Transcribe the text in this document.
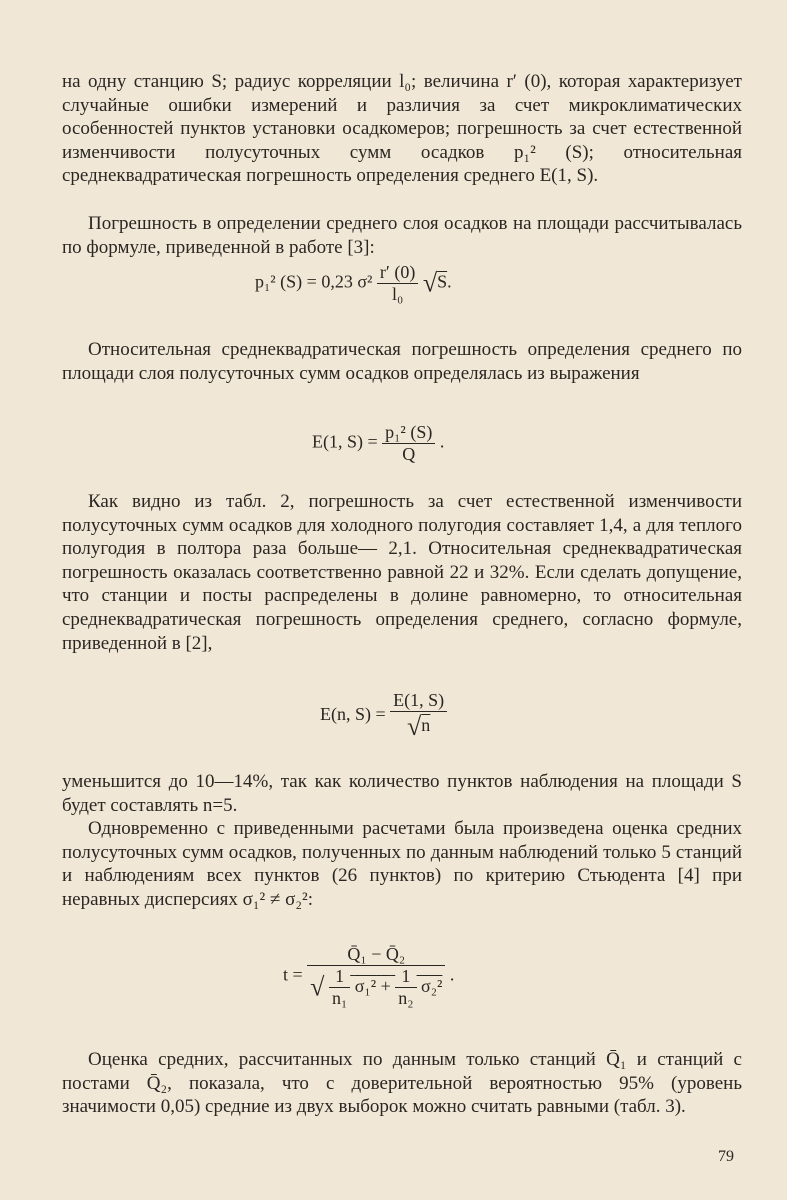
на одну станцию S; радиус корреляции l₀; величина r′ (0), которая характеризует случайные ошибки измерений и различия за счет микроклиматических особенностей пунктов установки осадкомеров; погрешность за счет естественной изменчивости полусуточных сумм осадков p₁² (S); относительная среднеквадратическая погрешность определения среднего E(1, S).

Погрешность в определении среднего слоя осадков на площади рассчитывалась по формуле, приведенной в работе [3]:

p₁² (S) = 0,23 $\sigma^2 \frac{r' (0)}{\text{l₀}} √S$.

Относительная среднеквадратическая погрешность определения среднего по площади слоя полусуточных сумм осадков определялась из выражения

E(1, $S) = \frac{\text{p₁² (S)}}{Q}$ .

Как видно из табл. 2, погрешность за счет естественной изменчивости полусуточных сумм осадков для холодного полугодия составляет 1,4, а для теплого полугодия в полтора раза больше— 2,1. Относительная среднеквадратическая погрешность оказалась соответственно равной 22 и 32%. Если сделать допущение, что станции и посты распределены в долине равномерно, то относительная среднеквадратическая погрешность определения среднего, согласно формуле, приведенной в [2],

E(n, $S) = \frac{E(1, S)}{√n}$

уменьшится до 10—14%, так как количество пунктов наблюдения на площади S будет составлять n=5.

Одновременно с приведенными расчетами была произведена оценка средних полусуточных сумм осадков, полученных по данным наблюдений только 5 станций и наблюдениям всех пунктов (26 пунктов) по критерию Стьюдента [4] при неравных дисперсиях σ₁² ≠ σ₂²:

t =
Q̄₁ − Q̄₂
√ $\frac{1}{\text{n₁}} \sigma_1^2 + \frac{1}{\text{n₂}} \sigma_2^2$
.

Оценка средних, рассчитанных по данным только станций Q̄₁ и станций с постами Q̄₂, показала, что с доверительной вероятностью 95% (уровень значимости 0,05) средние из двух выборок можно считать равными (табл. 3).

79
